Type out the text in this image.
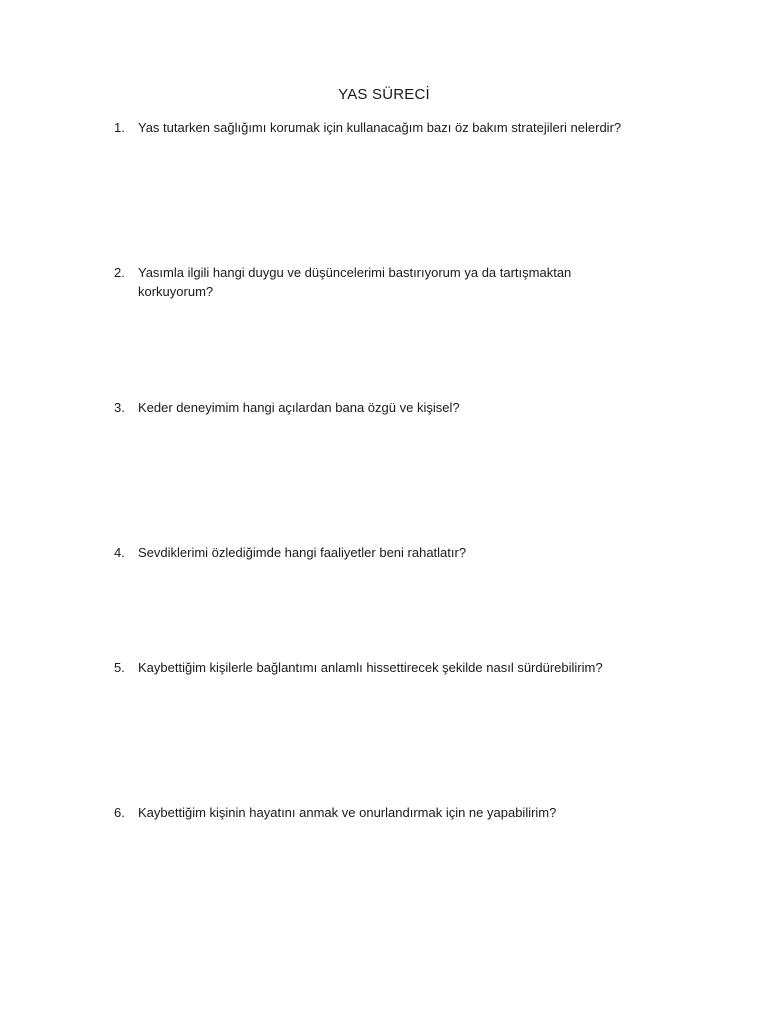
YAS SÜRECİ
1.	Yas tutarken sağlığımı korumak için kullanacağım bazı öz bakım stratejileri nelerdir?
2.	Yasımla ilgili hangi duygu ve düşüncelerimi bastırıyorum ya da tartışmaktan korkuyorum?
3.	Keder deneyimim hangi açılardan bana özgü ve kişisel?
4.	Sevdiklerimi özlediğimde hangi faaliyetler beni rahatlatır?
5.	Kaybettiğim kişilerle bağlantımı anlamlı hissettirecek şekilde nasıl sürdürebilirim?
6.	Kaybettiğim kişinin hayatını anmak ve onurlandırmak için ne yapabilirim?
